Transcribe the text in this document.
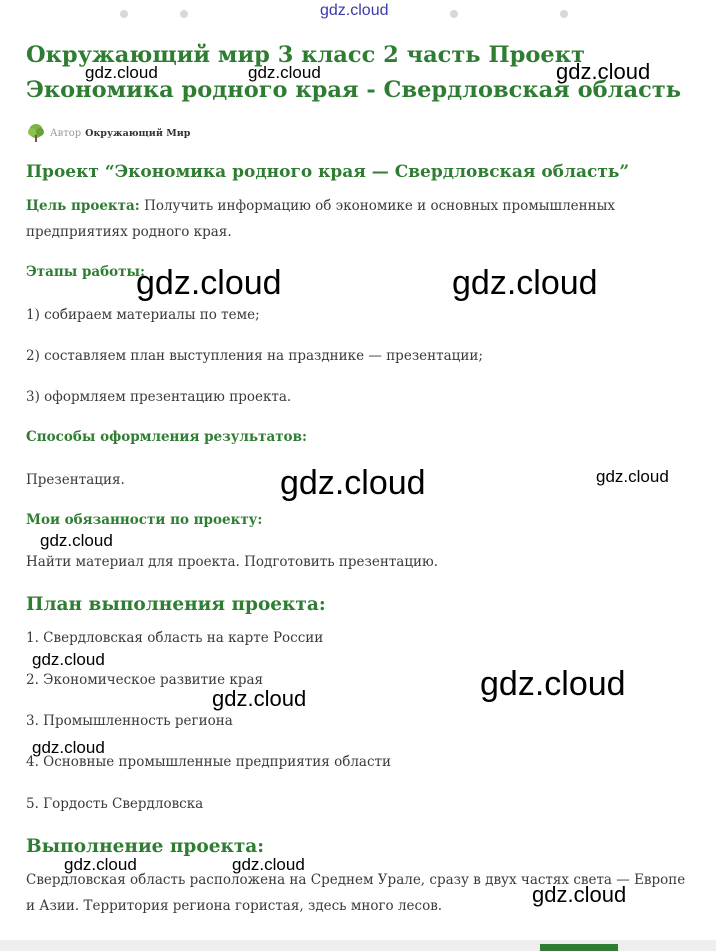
gdz.cloud
Окружающий мир 3 класс 2 часть Проект
Экономика родного края - Свердловская область
Автор Окружающий Мир
Проект “Экономика родного края — Свердловская область”
Цель проекта: Получить информацию об экономике и основных промышленных
предприятиях родного края.
Этапы работы:
1) собираем материалы по теме;
2) составляем план выступления на празднике — презентации;
3) оформляем презентацию проекта.
Способы оформления результатов:
Презентация.
Мои обязанности по проекту:
Найти материал для проекта. Подготовить презентацию.
План выполнения проекта:
1. Свердловская область на карте России
2. Экономическое развитие края
3. Промышленность региона
4. Основные промышленные предприятия области
5. Гордость Свердловска
Выполнение проекта:
Свердловская область расположена на Среднем Урале, сразу в двух частях света — Европе
и Азии. Территория региона гористая, здесь много лесов.
gdz.cloud	gdz.cloud	gdz.cloud
gdz.cloud	gdz.cloud
gdz.cloud	gdz.cloud
gdz.cloud
gdz.cloud
gdz.cloud	gdz.cloud
gdz.cloud
gdz.cloud	gdz.cloud
gdz.cloud
